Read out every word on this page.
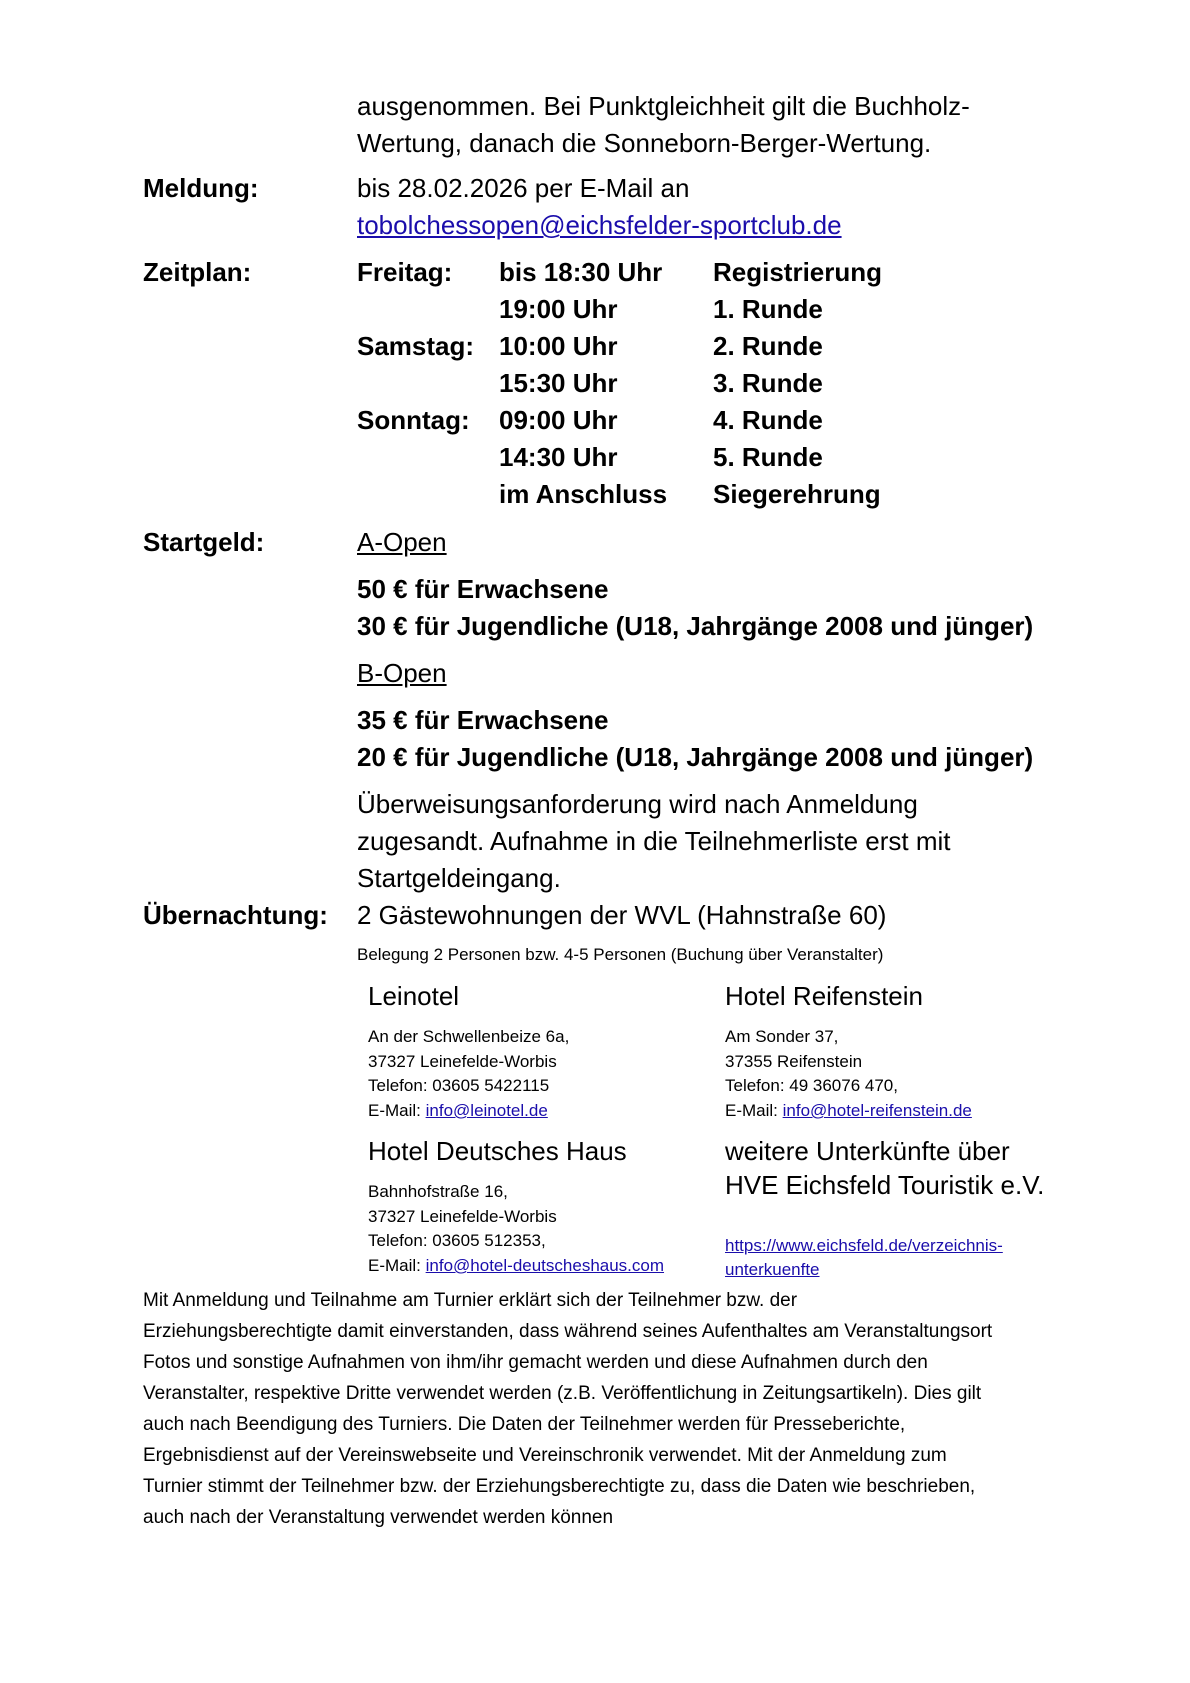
ausgenommen. Bei Punktgleichheit gilt die Buchholz-
Wertung, danach die Sonneborn-Berger-Wertung.
Meldung:	bis 28.02.2026 per E-Mail an
tobolchessopen@eichsfelder-sportclub.de
Zeitplan:	Freitag: bis 18:30 Uhr Registrierung
19:00 Uhr	1. Runde
Samstag: 10:00 Uhr	2. Runde
15:30 Uhr	3. Runde
Sonntag: 09:00 Uhr	4. Runde
14:30 Uhr	5. Runde
im Anschluss Siegerehrung
Startgeld:	A-Open
50 € für Erwachsene
30 € für Jugendliche (U18, Jahrgänge 2008 und jünger)
B-Open
35 € für Erwachsene
20 € für Jugendliche (U18, Jahrgänge 2008 und jünger)
Überweisungsanforderung wird nach Anmeldung
zugesandt. Aufnahme in die Teilnehmerliste erst mit
Startgeldeingang.
Übernachtung: 2 Gästewohnungen der WVL (Hahnstraße 60)
Belegung 2 Personen bzw. 4-5 Personen (Buchung über Veranstalter)
Leinotel
An der Schwellenbeize 6a,
37327 Leinefelde-Worbis
Telefon: 03605 5422115
E-Mail: info@leinotel.de
Hotel Reifenstein
Am Sonder 37,
37355 Reifenstein
Telefon: 49 36076 470,
E-Mail: info@hotel-reifenstein.de
Hotel Deutsches Haus
Bahnhofstraße 16,
37327 Leinefelde-Worbis
Telefon: 03605 512353,
E-Mail: info@hotel-deutscheshaus.com
weitere Unterkünfte über
HVE Eichsfeld Touristik e.V.
https://www.eichsfeld.de/verzeichnis-
unterkuenfte
Mit Anmeldung und Teilnahme am Turnier erklärt sich der Teilnehmer bzw. der
Erziehungsberechtigte damit einverstanden, dass während seines Aufenthaltes am Veranstaltungsort
Fotos und sonstige Aufnahmen von ihm/ihr gemacht werden und diese Aufnahmen durch den
Veranstalter, respektive Dritte verwendet werden (z.B. Veröffentlichung in Zeitungsartikeln). Dies gilt
auch nach Beendigung des Turniers. Die Daten der Teilnehmer werden für Presseberichte,
Ergebnisdienst auf der Vereinswebseite und Vereinschronik verwendet. Mit der Anmeldung zum
Turnier stimmt der Teilnehmer bzw. der Erziehungsberechtigte zu, dass die Daten wie beschrieben,
auch nach der Veranstaltung verwendet werden können
